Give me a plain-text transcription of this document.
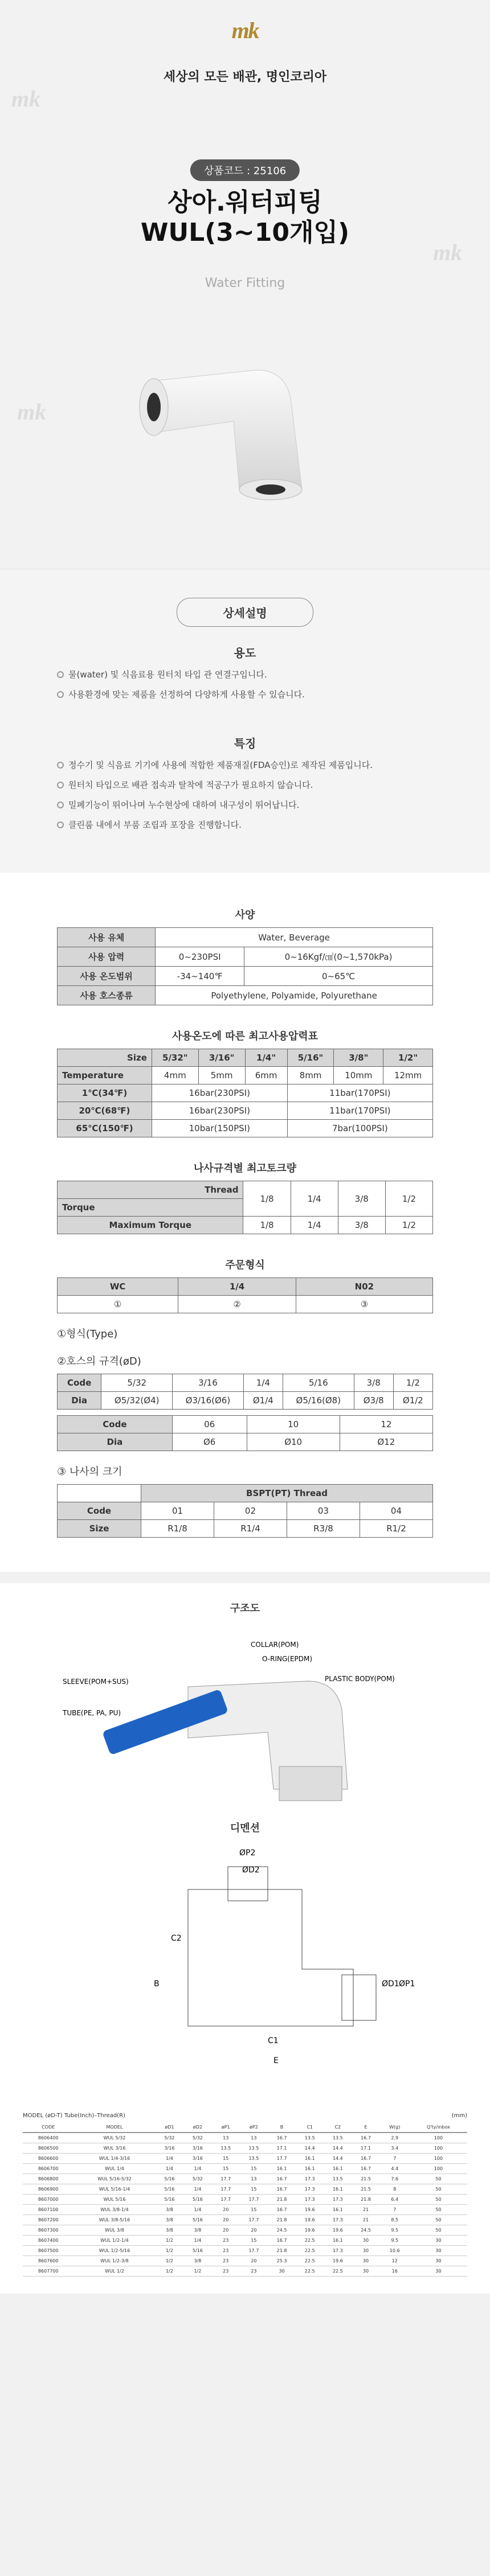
mk
mk
mk
mk
세상의 모든 배관, 명인코리아
상품코드 : 25106
상아.워터피팅
WUL(3~10개입)
Water Fitting
상세설명
용도
물(water) 및 식음료용 원터치 타입 관 연결구입니다.
사용환경에 맞는 제품을 선정하여 다양하게 사용할 수 있습니다.
특징
정수기 및 식음료 기기에 사용에 적합한 제품재질(FDA승인)로 제작된 제품입니다.
원터치 타입으로 배관 접속과 탈착에 적공구가 필요하지 않습니다.
밀폐기능이 뛰어나며 누수현상에 대하여 내구성이 뛰어납니다.
클린룸 내에서 부품 조립과 포장을 진행합니다.
사양
사용 유체	Water, Beverage	
사용 압력	0~230PSI	0~16Kgf/㎠(0~1,570kPa)
사용 온도범위	-34~140℉	0~65℃
사용 호스종류	Polyethylene, Polyamide, Polyurethane	
사용온도에 따른 최고사용압력표
Size	5/32"	3/16"	1/4"	5/16"	3/8"	1/2"
Temperature	4mm	5mm	6mm	8mm	10mm	12mm
1℃(34℉)	16bar(230PSI)			11bar(170PSI)		
20℃(68℉)	16bar(230PSI)			11bar(170PSI)		
65℃(150℉)	10bar(150PSI)			7bar(100PSI)		
나사규격별 최고토크량
Thread	1/8	1/4	3/8	1/2
Torque				
Maximum Torque	1/8	1/4	3/8	1/2
주문형식
WC	1/4	N02
①	②	③
①형식(Type)
②호스의 규격(øD)
Code	5/32	3/16	1/4	5/16	3/8	1/2
Dia	Ø5/32(Ø4)	Ø3/16(Ø6)	Ø1/4	Ø5/16(Ø8)	Ø3/8	Ø1/2
Code	06	10	12
Dia	Ø6	Ø10	Ø12
③ 나사의 크기
	BSPT(PT) Thread			
Code	01	02	03	04
Size	R1/8	R1/4	R3/8	R1/2
구조도
COLLAR(POM)
O-RING(EPDM)
SLEEVE(POM+SUS)	PLASTIC BODY(POM)
TUBE(PE, PA, PU)
디멘션
ØP2
ØD2
C2
B
C1
E
ØD1 ØP1
MODEL (øD-T) Tube(Inch)–Thread(R)	(mm)
CODE	MODEL	øD1	øD2	øP1	øP2	B	C1	C2	E	W(g)	Q'ty/inbox
8606400	WUL 5/32	5/32	5/32	13	13	16.7	13.5	13.5	16.7	2.9	100
8606500	WUL 3/16	3/16	3/16	13.5	13.5	17.1	14.4	14.4	17.1	3.4	100
8606600	WUL 1/4-3/16	1/4	3/16	15	13.5	17.7	16.1	14.4	16.7	7	100
8606700	WUL 1/4	1/4	1/4	15	15	16.1	16.1	16.1	16.7	4.4	100
8606800	WUL 5/16-5/32	5/16	5/32	17.7	13	16.7	17.3	13.5	21.5	7.6	50
8606900	WUL 5/16-1/4	5/16	1/4	17.7	15	16.7	17.3	16.1	21.5	8	50
8607000	WUL 5/16	5/16	5/16	17.7	17.7	21.8	17.3	17.3	21.8	6.4	50
8607100	WUL 3/8-1/4	3/8	1/4	20	15	16.7	19.6	16.1	21	7	50
8607200	WUL 3/8-5/16	3/8	5/16	20	17.7	21.8	19.6	17.3	21	8.5	50
8607300	WUL 3/8	3/8	3/8	20	20	24.5	19.6	19.6	24.5	9.5	50
8607400	WUL 1/2-1/4	1/2	1/4	23	15	16.7	22.5	16.1	30	9.5	30
8607500	WUL 1/2-5/16	1/2	5/16	23	17.7	21.8	22.5	17.3	30	10.6	30
8607600	WUL 1/2-3/8	1/2	3/8	23	20	25.3	22.5	19.6	30	12	30
8607700	WUL 1/2	1/2	1/2	23	23	30	22.5	22.5	30	16	30
